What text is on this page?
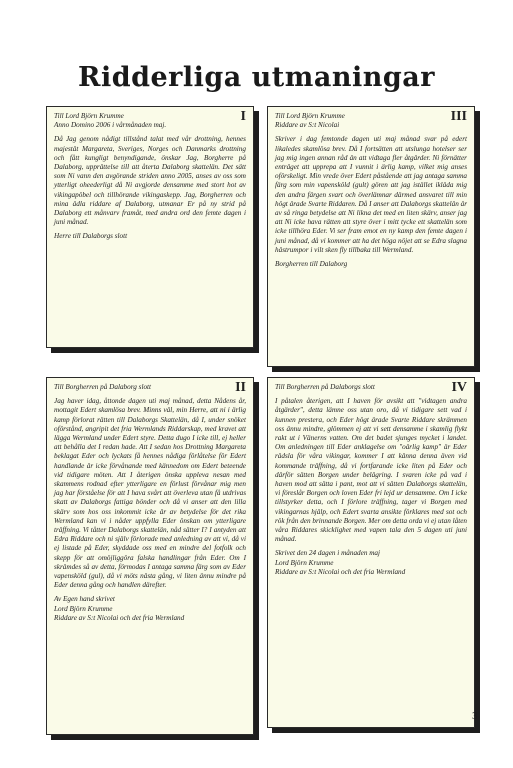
Ridderliga utmaningar
I
Till Lord Björn Krumme
Anno Domino 2006 i vårmånaden maj.
Då Jag genom nådigt tillstånd talat med vår drottning, hennes majestät Margareta, Sveriges, Norges och Danmarks drottning och fått kungligt benyndigande, önskar Jag, Borgherre på Dalaborg, upprättelse till att återta Dalaborg skattelän. Det sätt som Ni vann den avgörande striden anno 2005, anses av oss som ytterligt oheederligt då Ni avgjorde densamme med stort hot av vikingapöbel och tillhörande vikingaskepp. Jag, Borgherren och mina ädla riddare af Dalaborg, utmanar Er på ny strid på Dalaborg ett månvarv framåt, med andra ord den femte dagen i juni månad.
Herre till Dalaborgs slott
III
Till Lord Björn Krumme
Riddare av S:t Nicolai
Skriver i dag femtonde dagen uti maj månad svar på edert likaledes skamlösa brev. Då I fortsätten att utslunga hotelser ser jag mig ingen annan råd än att vidtaga fler åtgärder. Ni förnätter enträget att upprepa att I vunnit i ärlig kamp, vilket mig anses oförskeligt. Min vrede över Edert påstående att jag antaga samma färg som min vapensköld (gult) gören att jag istället ikläda mig den andra färgen svart och överlämnar därmed ansvaret till min högt ärade Svarte Riddaren. Då I anser att Dalaborgs skattelän är av så ringa betydelse att Ni likna det med en liten skärv, anser jag att Ni icke hava rätten att styre över i mitt tycke ett skattelän som icke tillhöra Eder. Vi ser fram emot en ny kamp den femte dagen i juni månad, då vi kommer att ha det höga nöjet att se Edra slagna hästrumpor i vilt sken fly tillbaka till Wermland.
Borgherren till Dalaborg
II
Till Borgherren på Dalaborg slott
Jag haver idag, åttonde dagen uti maj månad, detta Nådens år, mottagit Edert skamlösa brev. Minns väl, min Herre, att ni i ärlig kamp förlorat rätten till Dalaborgs Skattelän, då I, under snöket oförstånd, angripit det fria Wermlands Riddarskap, med kravet att lägga Wermland under Edert styre. Detta dugo I icke till, ej heller att behålla det I redan hade. Att I sedan hos Drottning Margareta beklagat Eder och lyckats få hennes nådiga förlåtelse för Edert handlande är icke förvånande med kännedom om Edert beteende vid tidigare möten. Att I återigen önska uppleva nesan med skammens rodnad efter ytterligare en förlust förvånar mig men jag har förståelse för att I hava svårt att överleva utan få utdrivas skatt av Dalaborgs fattiga bönder och då vi anser att den lilla skärv som hos oss inkommit icke är av betydelse för det rika Wermland kan vi i nåder uppfylla Eder önskan om ytterligare träffning. Vi tåtter Dalaborgs skattelän, nåd sätter I? I antyden att Edra Riddare och ni själv förlorade med anledning av att vi, då vi ej listade på Eder, skyddade oss med en mindre del fotfolk och skepp för att omöjliggöra falska handlingar från Eder. Om I skrämdes så av detta, förmodas I antaga samma färg som av Eder vapensköld (gul), då vi möts nästa gång, vi liten ännu mindre på Eder denna gång och handlen därefter.
Av Egen hand skrivet
Lord Björn Krumme
Riddare av S:t Nicolai och det fria Wermland
IV
Till Borgherren på Dalaborgs slott
I påtalen återigen, att I haven för avsikt att "vidtagen andra åtgärder", detta lämne oss utan oro, då vi tidigare sett vad i kunnen prestera, och Eder högt ärade Svarte Riddare skrämmen oss ännu mindre, glömmen ej att vi sett densamme i skamlig flykt rakt ut i Vänerns vatten. Om det badet sjunges mycket i landet. Om anledningen till Eder anklagelse om "oärlig kamp" är Eder rädsla för våra vikingar, kommer I att känna denna även vid kommande träffning, då vi fortfarande icke liten på Eder och därför sätten Borgen under belägring. I svaren icke på vad i haven mod att sätta i pant, mot att vi sätten Dalaborgs skattelän, vi föreslår Borgen och loven Eder fri lejd ur densamme. Om I icke tillstyrker detta, och I förlore träffning, tager vi Borgen med vikingarnas hjälp, och Edert svarta ansikte förklares med sot och rök från den brinnande Borgen. Mer om detta orda vi ej utan låten våra Riddares skicklighet med vapen tala den 5 dagen uti juni månad.
Skrivet den 24 dagen i månaden maj
Lord Björn Krumme
Riddare av S:t Nicolai och det fria Wermland
3
